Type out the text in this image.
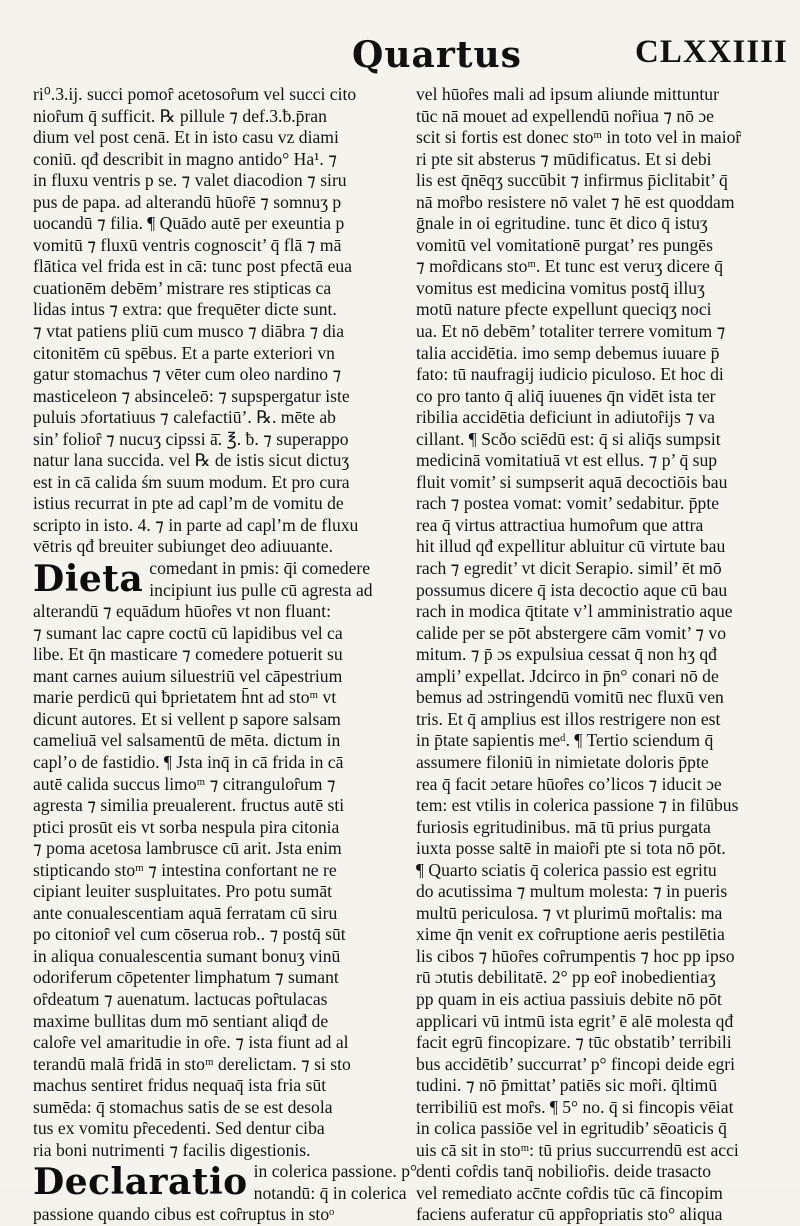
Quartus	CLXXIIII
ri⁰.3.ij. succi pomoȓ acetosoȓum vel succi cito
nioȓum q̄ sufficit. ℞ pillule ⁊ def.3.ƀ.p̄ran
dium vel post cenā. Et in isto casu vz diami
coniū. qđ describit in magno antido° Ha¹. ⁊
in fluxu ventris p se. ⁊ valet diacodion ⁊ siru
pus de papa. ad alterandū hūoȓē ⁊ somnuʒ p
uocandū ⁊ filia. ¶ Quādo autē per exeuntia p
vomitū ⁊ fluxū ventris cognoscit’ q̄ flā ⁊ mā
flātica vel frida est in cā: tunc post pfectā eua
cuationēm debēm’ mistrare res stipticas ca
lidas intus ⁊ extra: que frequēter dicte sunt.
⁊ vtat patiens pliū cum musco ⁊ diābra ⁊ dia
citonitēm cū spēbus. Et a parte exteriori vn
gatur stomachus ⁊ vēter cum oleo nardino ⁊
masticeleon ⁊ absinceleō: ⁊ supspergatur iste
puluis ɔfortatiuus ⁊ calefactiū’. ℞. mēte ab
sin’ folioȓ ⁊ nucuʒ cipssi ā̄. ℥. ƀ. ⁊ superappo
natur lana succida. vel ℞ de istis sicut dictuʒ
est in cā calida śm suum modum. Et pro cura
istius recurrat in pte ad capl’m de vomitu de
scripto in isto. 4. ⁊ in parte ad capl’m de fluxu
vētris qđ breuiter subiunget deo adiuuante.
Dieta comedant in pmis: q̄i comedere
incipiunt ius pulle cū agresta ad
alterandū ⁊ equādum hūoȓes vt non fluant:
⁊ sumant lac capre coctū cū lapidibus vel ca
libe. Et q̄n masticare ⁊ comedere potuerit su
mant carnes auium siluestriū vel cāpestrium
marie perdicū qui ƀprietatem h̄nt ad stoᵐ vt
dicunt autores. Et si vellent p sapore salsam
cameliuā vel salsamentū de mēta. dictum in
capl’o de fastidio. ¶ Jsta inq̄ in cā frida in cā
autē calida succus limoᵐ ⁊ citranguloȓum ⁊
agresta ⁊ similia preualerent. fructus autē sti
ptici prosūt eis vt sorba nespula pira citonia
⁊ poma acetosa lambrusce cū arit. Jsta enim
stipticando stoᵐ ⁊ intestina confortant ne re
cipiant leuiter suspluitates. Pro potu sumāt
ante conualescentiam aquā ferratam cū siru
po citonioȓ vel cum cōserua rob.. ⁊ postq̄ sūt
in aliqua conualescentia sumant bonuʒ vinū
odoriferum cōpetenter limphatum ⁊ sumant
oȓdeatum ⁊ auenatum. lactucas poȓtulacas
maxime bullitas dum mō sentiant aliqđ de
caloȓe vel amaritudie in oȓe. ⁊ ista fiunt ad al
terandū malā fridā in stoᵐ derelictam. ⁊ si sto
machus sentiret fridus nequaq̄ ista fria sūt
sumēda: q̄ stomachus satis de se est desola
tus ex vomitu pȓecedenti. Sed dentur ciba
ria boni nutrimenti ⁊ facilis digestionis.
Declaratio in colerica passione. p°
notandū: q̄ in colerica
passione quando cibus est coȓruptus in stoᵒ
vel hūoȓes mali ad ipsum aliunde mittuntur
tūc nā mouet ad expellendū noȓiua ⁊ nō ɔe
scit si fortis est donec stoᵐ in toto vel in maioȓ
ri pte sit absterus ⁊ mūdificatus. Et si debi
lis est q̄nēqʒ succūbit ⁊ infirmus p̄iclitabit’ q̄
nā moȓbo resistere nō valet ⁊ hē est quoddam
ḡnale in oi egritudine. tunc ēt dico q̄ istuʒ
vomitū vel vomitationē purgat’ res pungēs
⁊ moȓdicans stoᵐ. Et tunc est veruʒ dicere q̄
vomitus est medicina vomitus postq̄ illuʒ
motū nature pfecte expellunt queciqʒ noci
ua. Et nō debēm’ totaliter terrere vomitum ⁊
talia accidētia. imo semp debemus iuuare p̄
fato: tū naufragij iudicio piculoso. Et hoc di
co pro tanto q̄ aliq̄ iuuenes q̄n vidēt ista ter
ribilia accidētia deficiunt in adiutoȓijs ⁊ va
cillant. ¶ Scðo sciēdū est: q̄ si aliq̄s sumpsit
medicinā vomitatiuā vt est ellus. ⁊ p’ q̄ sup
fluit vomit’ si sumpserit aquā decoctiōis bau
rach ⁊ postea vomat: vomit’ sedabitur. p̄pte
rea q̄ virtus attractiua humoȓum que attra
hit illud qđ expellitur abluitur cū virtute bau
rach ⁊ egredit’ vt dicit Serapio. simil’ ēt mō
possumus dicere q̄ ista decoctio aque cū bau
rach in modica q̄titate v’l amministratio aque
calide per se pōt abstergere cām vomit’ ⁊ vo
mitum. ⁊ p̄ ɔs expulsiua cessat q̄ non hʒ qđ
ampli’ expellat. Jdcirco in p̄n° conari nō de
bemus ad ɔstringendū vomitū nec fluxū ven
tris. Et q̄ amplius est illos restrigere non est
in p̄tate sapientis meᵈ. ¶ Tertio sciendum q̄
assumere filoniū in nimietate doloris p̄pte
rea q̄ facit ɔetare hūoȓes co’licos ⁊ iducit ɔe
tem: est vtilis in colerica passione ⁊ in filūbus
furiosis egritudinibus. mā tū prius purgata
iuxta posse saltē in maioȓi pte si tota nō pōt.
¶ Quarto sciatis q̄ colerica passio est egritu
do acutissima ⁊ multum molesta: ⁊ in pueris
multū periculosa. ⁊ vt plurimū moȓtalis: ma
xime q̄n venit ex coȓruptione aeris pestilētia
lis cibos ⁊ hūoȓes coȓrumpentis ⁊ hoc pp ipso
rū ɔtutis debilitatē. 2° pp eoȓ inobedientiaʒ
pp quam in eis actiua passiuis debite nō pōt
applicari vū intmū ista egrit’ ē alē molesta qđ
facit egrū fincopizare. ⁊ tūc obstatib’ terribili
bus accidētib’ succurrat’ p° fincopi deide egri
tudini. ⁊ nō p̄mittat’ patiēs sic moȓi. q̄ltimū
terribiliū est moȓs. ¶ 5° no. q̄ si fincopis vēiat
in colica passiōe vel in egritudib’ sēoaticis q̄
uis cā sit in stoᵐ: tū prius succurrendū est acci
denti coȓdis tanq̄ nobilioȓis. deide trasacto
vel remediato acc̄nte coȓdis tūc cā fincopim
faciens auferatur cū appȓopriatis sto° aliqua
